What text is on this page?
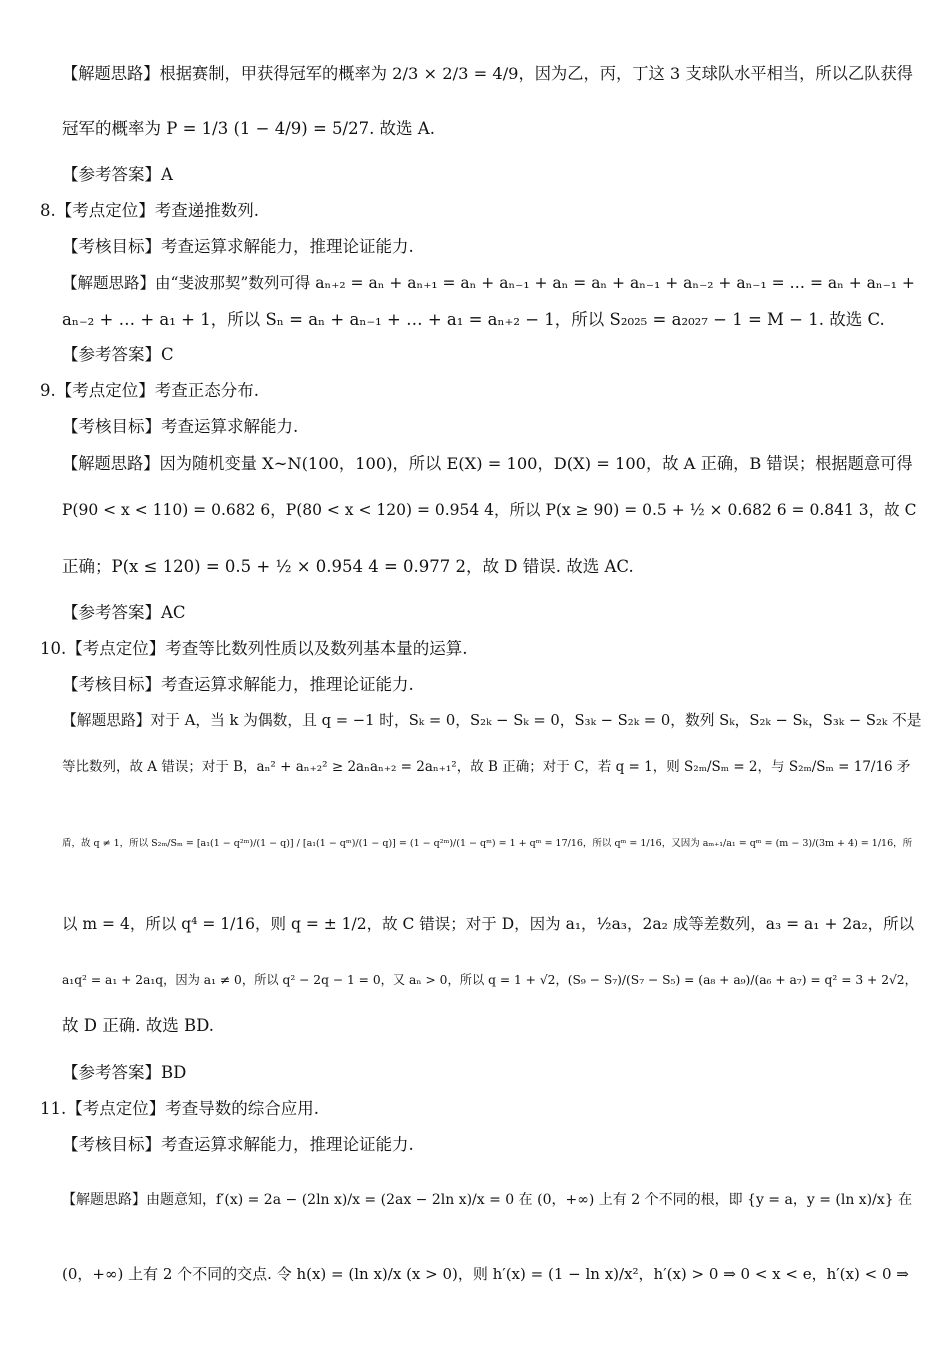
【解题思路】根据赛制，甲获得冠军的概率为 2/3 × 2/3 = 4/9，因为乙，丙，丁这 3 支球队水平相当，所以乙队获得
冠军的概率为 P = 1/3 (1 − 4/9) = 5/27. 故选 A.
【参考答案】A
8.【考点定位】考查递推数列.
【考核目标】考查运算求解能力，推理论证能力.
【解题思路】由“斐波那契”数列可得 aₙ₊₂ = aₙ + aₙ₊₁ = aₙ + aₙ₋₁ + aₙ = aₙ + aₙ₋₁ + aₙ₋₂ + aₙ₋₁ = … = aₙ + aₙ₋₁ +
aₙ₋₂ + … + a₁ + 1，所以 Sₙ = aₙ + aₙ₋₁ + … + a₁ = aₙ₊₂ − 1，所以 S₂₀₂₅ = a₂₀₂₇ − 1 = M − 1. 故选 C.
【参考答案】C
9.【考点定位】考查正态分布.
【考核目标】考查运算求解能力.
【解题思路】因为随机变量 X∼N(100，100)，所以 E(X) = 100，D(X) = 100，故 A 正确，B 错误；根据题意可得
P(90 < x < 110) = 0.682 6，P(80 < x < 120) = 0.954 4，所以 P(x ≥ 90) = 0.5 + ½ × 0.682 6 = 0.841 3，故 C
正确；P(x ≤ 120) = 0.5 + ½ × 0.954 4 = 0.977 2，故 D 错误. 故选 AC.
【参考答案】AC
10.【考点定位】考查等比数列性质以及数列基本量的运算.
【考核目标】考查运算求解能力，推理论证能力.
【解题思路】对于 A，当 k 为偶数，且 q = −1 时，Sₖ = 0，S₂ₖ − Sₖ = 0，S₃ₖ − S₂ₖ = 0，数列 Sₖ，S₂ₖ − Sₖ，S₃ₖ − S₂ₖ 不是
等比数列，故 A 错误；对于 B，aₙ² + aₙ₊₂² ≥ 2aₙaₙ₊₂ = 2aₙ₊₁²，故 B 正确；对于 C，若 q = 1，则 S₂ₘ/Sₘ = 2，与 S₂ₘ/Sₘ = 17/16 矛
盾，故 q ≠ 1，所以 S₂ₘ/Sₘ = [a₁(1 − q²ᵐ)/(1 − q)] / [a₁(1 − qᵐ)/(1 − q)] = (1 − q²ᵐ)/(1 − qᵐ) = 1 + qᵐ = 17/16，所以 qᵐ = 1/16，又因为 aₘ₊₁/a₁ = qᵐ = (m − 3)/(3m + 4) = 1/16，所
以 m = 4，所以 q⁴ = 1/16，则 q = ± 1/2，故 C 错误；对于 D，因为 a₁，½a₃，2a₂ 成等差数列，a₃ = a₁ + 2a₂，所以
a₁q² = a₁ + 2a₁q，因为 a₁ ≠ 0，所以 q² − 2q − 1 = 0，又 aₙ > 0，所以 q = 1 + √2，(S₉ − S₇)/(S₇ − S₅) = (a₈ + a₉)/(a₆ + a₇) = q² = 3 + 2√2，
故 D 正确. 故选 BD.
【参考答案】BD
11.【考点定位】考查导数的综合应用.
【考核目标】考查运算求解能力，推理论证能力.
【解题思路】由题意知，f′(x) = 2a − (2ln x)/x = (2ax − 2ln x)/x = 0 在 (0，+∞) 上有 2 个不同的根，即 {y = a，y = (ln x)/x} 在
(0，+∞) 上有 2 个不同的交点. 令 h(x) = (ln x)/x (x > 0)，则 h′(x) = (1 − ln x)/x²，h′(x) > 0 ⇒ 0 < x < e，h′(x) < 0 ⇒
